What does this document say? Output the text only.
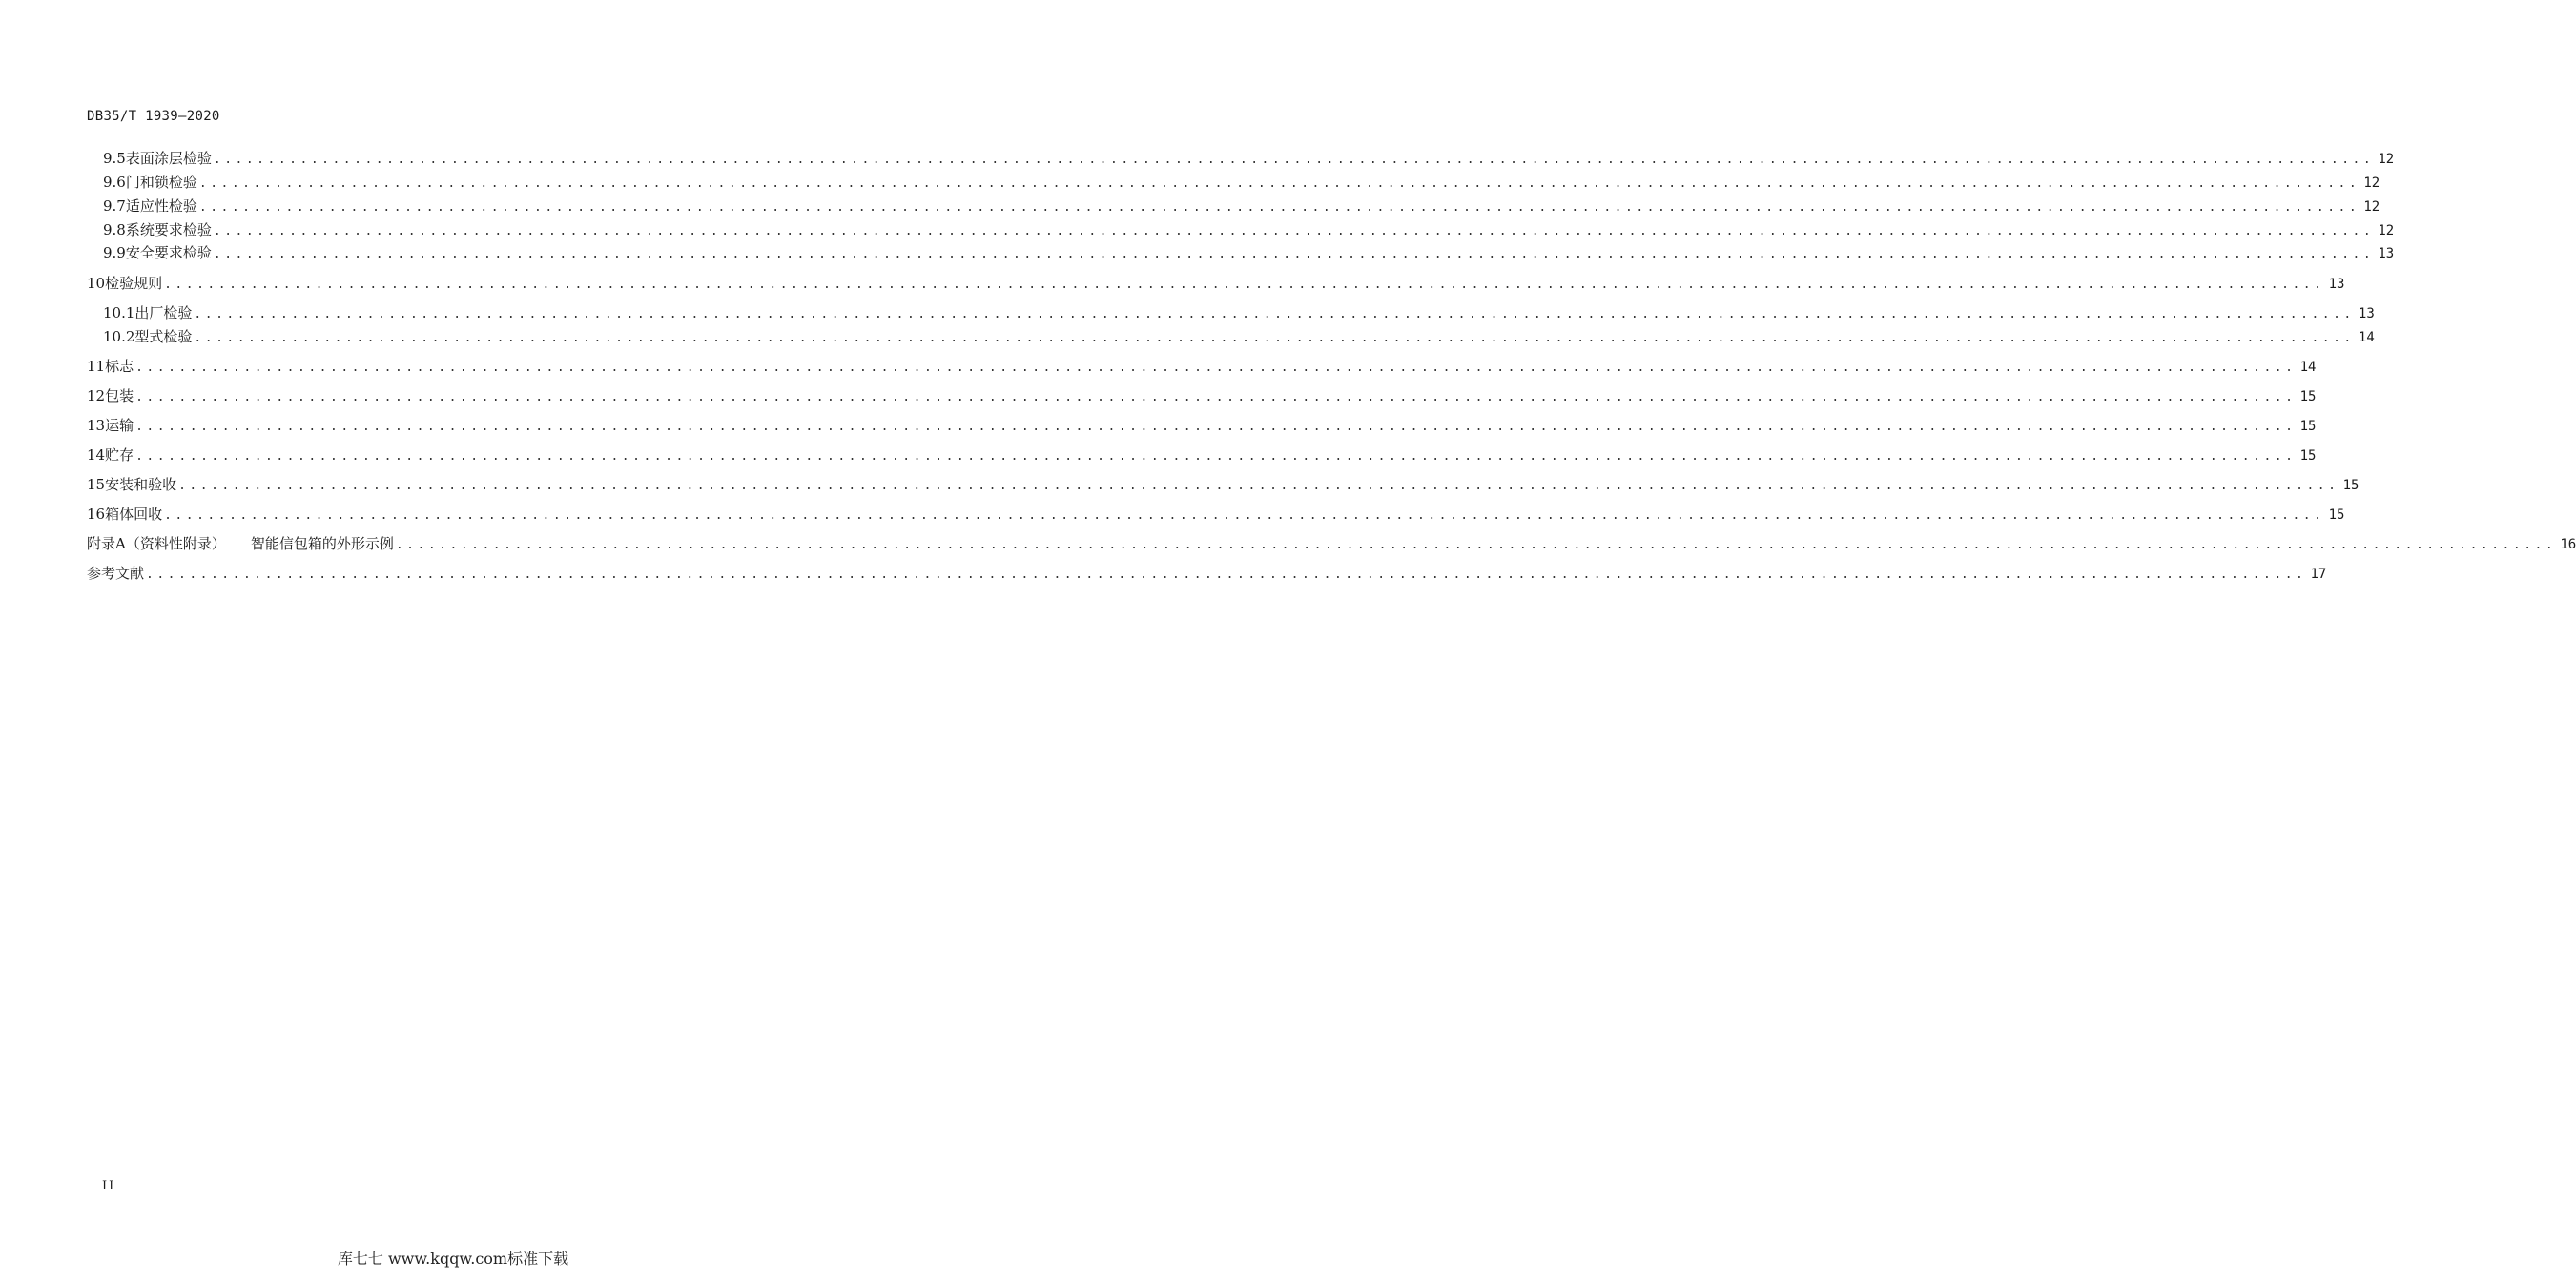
DB35/T 1939—2020
9.5 表面涂层检验 ........................................................................................................................................................................................................ 12
9.6 门和锁检验 ........................................................................................................................................................................................................ 12
9.7 适应性检验 ........................................................................................................................................................................................................ 12
9.8 系统要求检验 ........................................................................................................................................................................................................ 12
9.9 安全要求检验 ........................................................................................................................................................................................................ 13
10 检验规则 ........................................................................................................................................................................................................ 13
10.1 出厂检验 ........................................................................................................................................................................................................ 13
10.2 型式检验 ........................................................................................................................................................................................................ 14
11 标志 ........................................................................................................................................................................................................ 14
12 包装 ........................................................................................................................................................................................................ 15
13 运输 ........................................................................................................................................................................................................ 15
14 贮存 ........................................................................................................................................................................................................ 15
15 安装和验收 ........................................................................................................................................................................................................ 15
16 箱体回收 ........................................................................................................................................................................................................ 15
附录A（资料性附录）	智能信包箱的外形示例 ........................................................................................................................................................................................................ 16
参考文献 ........................................................................................................................................................................................................ 17
II
库七七 www.kqqw.com标准下载
